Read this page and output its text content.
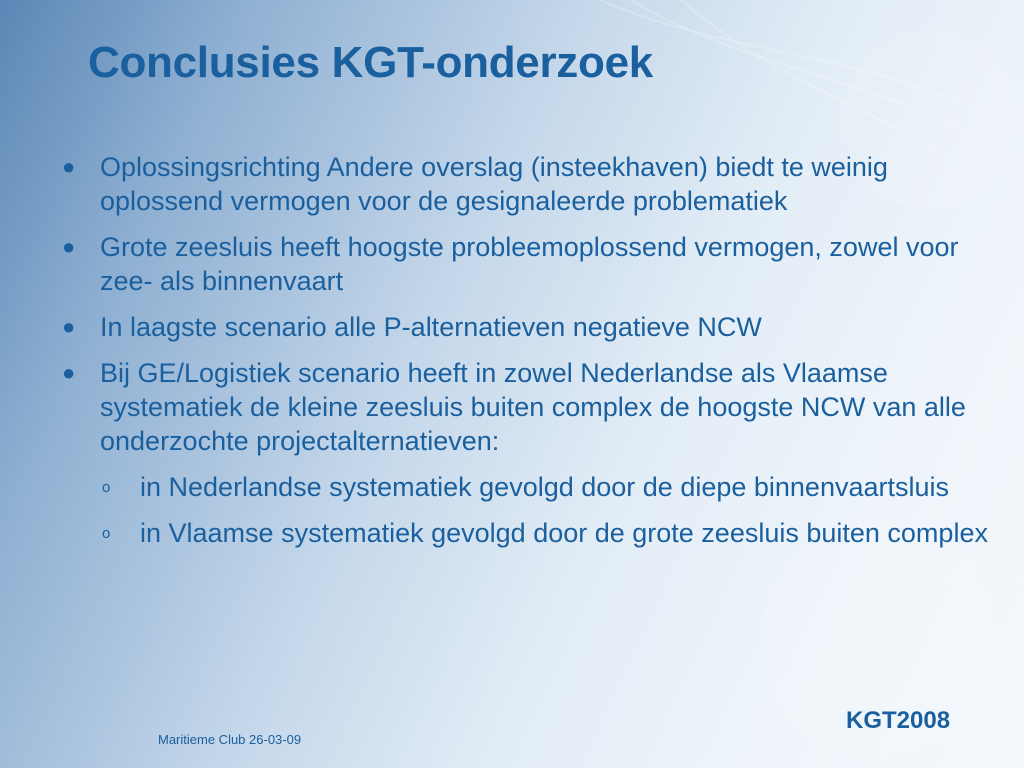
Conclusies KGT-onderzoek
● Oplossingsrichting Andere overslag (insteekhaven) biedt te weinig oplossend vermogen voor de gesignaleerde problematiek
● Grote zeesluis heeft hoogste probleemoplossend vermogen, zowel voor zee- als binnenvaart
● In laagste scenario alle P-alternatieven negatieve NCW
● Bij GE/Logistiek scenario heeft in zowel Nederlandse als Vlaamse systematiek de kleine zeesluis buiten complex de hoogste NCW van alle onderzochte projectalternatieven:
o in Nederlandse systematiek gevolgd door de diepe binnenvaartsluis
o in Vlaamse systematiek gevolgd door de grote zeesluis buiten complex
Maritieme Club 26-03-09
KGT2008
